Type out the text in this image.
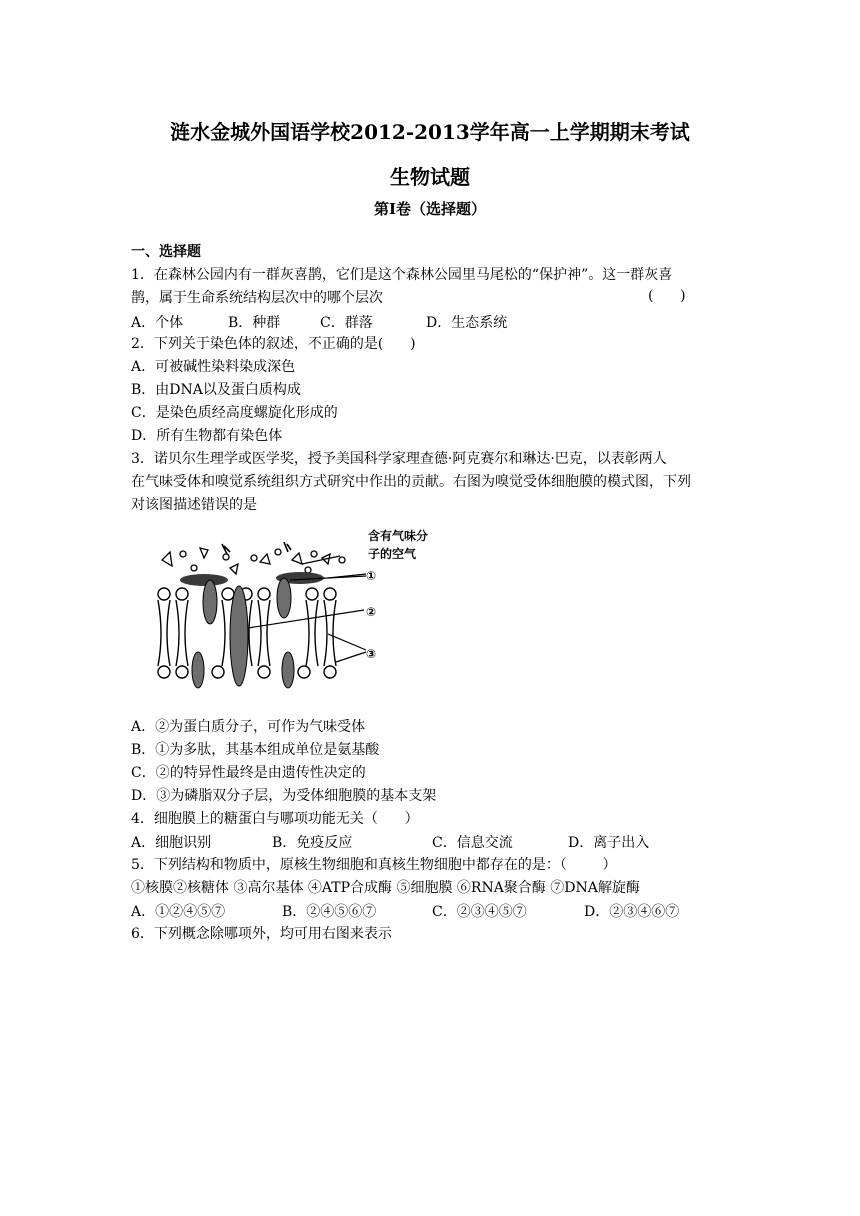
涟水金城外国语学校2012-2013学年高一上学期期末考试
生物试题
第Ⅰ卷（选择题）
一、选择题
1．在森林公园内有一群灰喜鹊，它们是这个森林公园里马尾松的“保护神”。这一群灰喜
鹊，属于生命系统结构层次中的哪个层次	(      )
A．个体	B．种群	C．群落	D．生态系统
2．下列关于染色体的叙述，不正确的是(      )
A．可被碱性染料染成深色
B．由DNA以及蛋白质构成
C．是染色质经高度螺旋化形成的
D．所有生物都有染色体
3．诺贝尔生理学或医学奖，授予美国科学家理查德·阿克赛尔和琳达·巴克，以表彰两人
在气味受体和嗅觉系统组织方式研究中作出的贡献。右图为嗅觉受体细胞膜的模式图，下列
对该图描述错误的是
含有气味分
子的空气
①
②
③
A．②为蛋白质分子，可作为气味受体
B．①为多肽，其基本组成单位是氨基酸
C．②的特异性最终是由遗传性决定的
D．③为磷脂双分子层，为受体细胞膜的基本支架
4．细胞膜上的糖蛋白与哪项功能无关（      ）
A．细胞识别	B．免疫反应	C．信息交流	D．离子出入
5．下列结构和物质中，原核生物细胞和真核生物细胞中都存在的是：（        ）
①核膜②核糖体 ③高尔基体 ④ATP合成酶 ⑤细胞膜 ⑥RNA聚合酶 ⑦DNA解旋酶
A．①②④⑤⑦	B．②④⑤⑥⑦	C．②③④⑤⑦	D．②③④⑥⑦
6．下列概念除哪项外，均可用右图来表示
